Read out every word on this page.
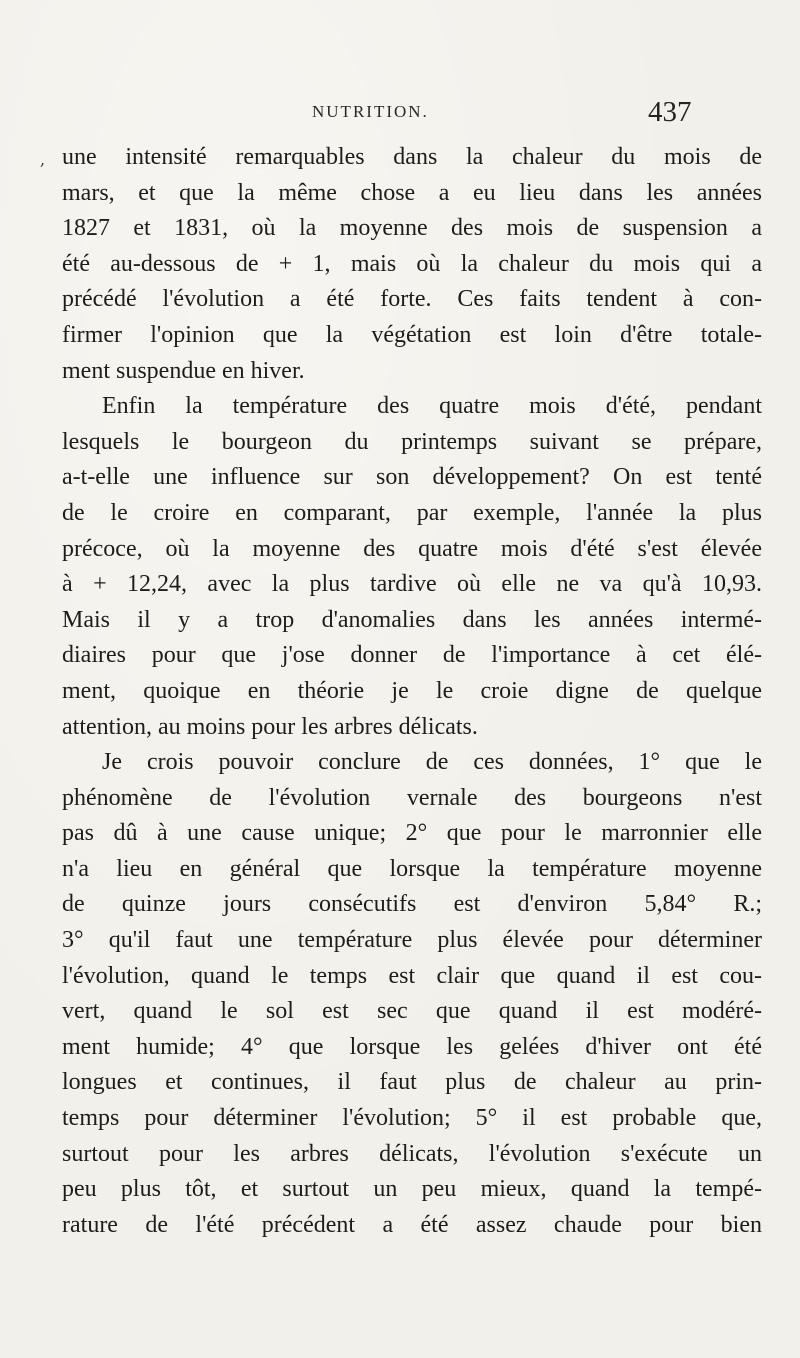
NUTRITION.	437
, une intensité remarquables dans la chaleur du mois de
mars, et que la même chose a eu lieu dans les années
1827 et 1831, où la moyenne des mois de suspension a
été au-dessous de + 1, mais où la chaleur du mois qui a
précédé l'évolution a été forte. Ces faits tendent à con-
firmer l'opinion que la végétation est loin d'être totale-
ment suspendue en hiver.
Enfin la température des quatre mois d'été, pendant
lesquels le bourgeon du printemps suivant se prépare,
a-t-elle une influence sur son développement? On est tenté
de le croire en comparant, par exemple, l'année la plus
précoce, où la moyenne des quatre mois d'été s'est élevée
à + 12,24, avec la plus tardive où elle ne va qu'à 10,93.
Mais il y a trop d'anomalies dans les années intermé-
diaires pour que j'ose donner de l'importance à cet élé-
ment, quoique en théorie je le croie digne de quelque
attention, au moins pour les arbres délicats.
Je crois pouvoir conclure de ces données, 1° que le
phénomène de l'évolution vernale des bourgeons n'est
pas dû à une cause unique; 2° que pour le marronnier elle
n'a lieu en général que lorsque la température moyenne
de quinze jours consécutifs est d'environ 5,84° R.;
3° qu'il faut une température plus élevée pour déterminer
l'évolution, quand le temps est clair que quand il est cou-
vert, quand le sol est sec que quand il est modéré-
ment humide; 4° que lorsque les gelées d'hiver ont été
longues et continues, il faut plus de chaleur au prin-
temps pour déterminer l'évolution; 5° il est probable que,
surtout pour les arbres délicats, l'évolution s'exécute un
peu plus tôt, et surtout un peu mieux, quand la tempé-
rature de l'été précédent a été assez chaude pour bien
